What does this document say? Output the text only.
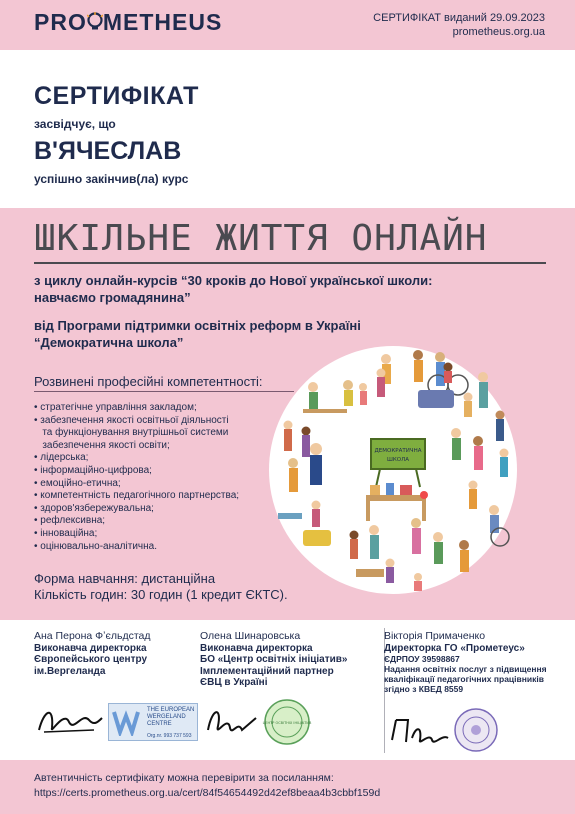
PRO METHEUS	СЕРТИФІКАТ виданий 29.09.2023
prometheus.org.ua
СЕРТИФІКАТ
засвідчує, що
В'ЯЧЕСЛАВ
успішно закінчив(ла) курс
ШКІЛЬНЕ ЖИТТЯ ОНЛАЙН
з циклу онлайн-курсів “30 кроків до Нової української школи:
навчаємо громадянина”
від Програми підтримки освітніх реформ в Україні
“Демократична школа”
Розвинені професійні компетентності:
• стратегічне управління закладом;
• забезпечення якості освітньої діяльності
та функціонування внутрішньої системи
забезпечення якості освіти;
• лідерська;
• інформаційно-цифрова;
• емоційно-етична;
• компетентність педагогічного партнерства;
• здоров'язбережувальна;
• рефлексивна;
• інноваційна;
• оцінювально-аналітична.
Форма навчання: дистанційна
Кількість годин: 30 годин (1 кредит ЄКТС).
ДЕМОКРАТИЧНА
ШКОЛА
Ана Перона Фʼєльдстад
Виконавча директорка
Європейського центру
ім.Вергеланда
Олена Шинаровська
Виконавча директорка
БО «Центр освітніх ініціатив»
Імплементаційний партнер
ЄВЦ в Україні
Вікторія Примаченко
Директорка ГО «Прометеус»
ЄДРПОУ 39598867
Надання освітніх послуг з підвищення
кваліфікації педагогічних працівників
згідно з КВЕД 8559
THE EUROPEAN
WERGELAND
CENTRE
Org.nr. 993 737 593
ЦЕНТР ОСВІТНІХ ІНІЦІАТИВ
Автентичність сертифікату можна перевірити за посиланням:
https://certs.prometheus.org.ua/cert/84f54654492d42ef8beaa4b3cbbf159d
